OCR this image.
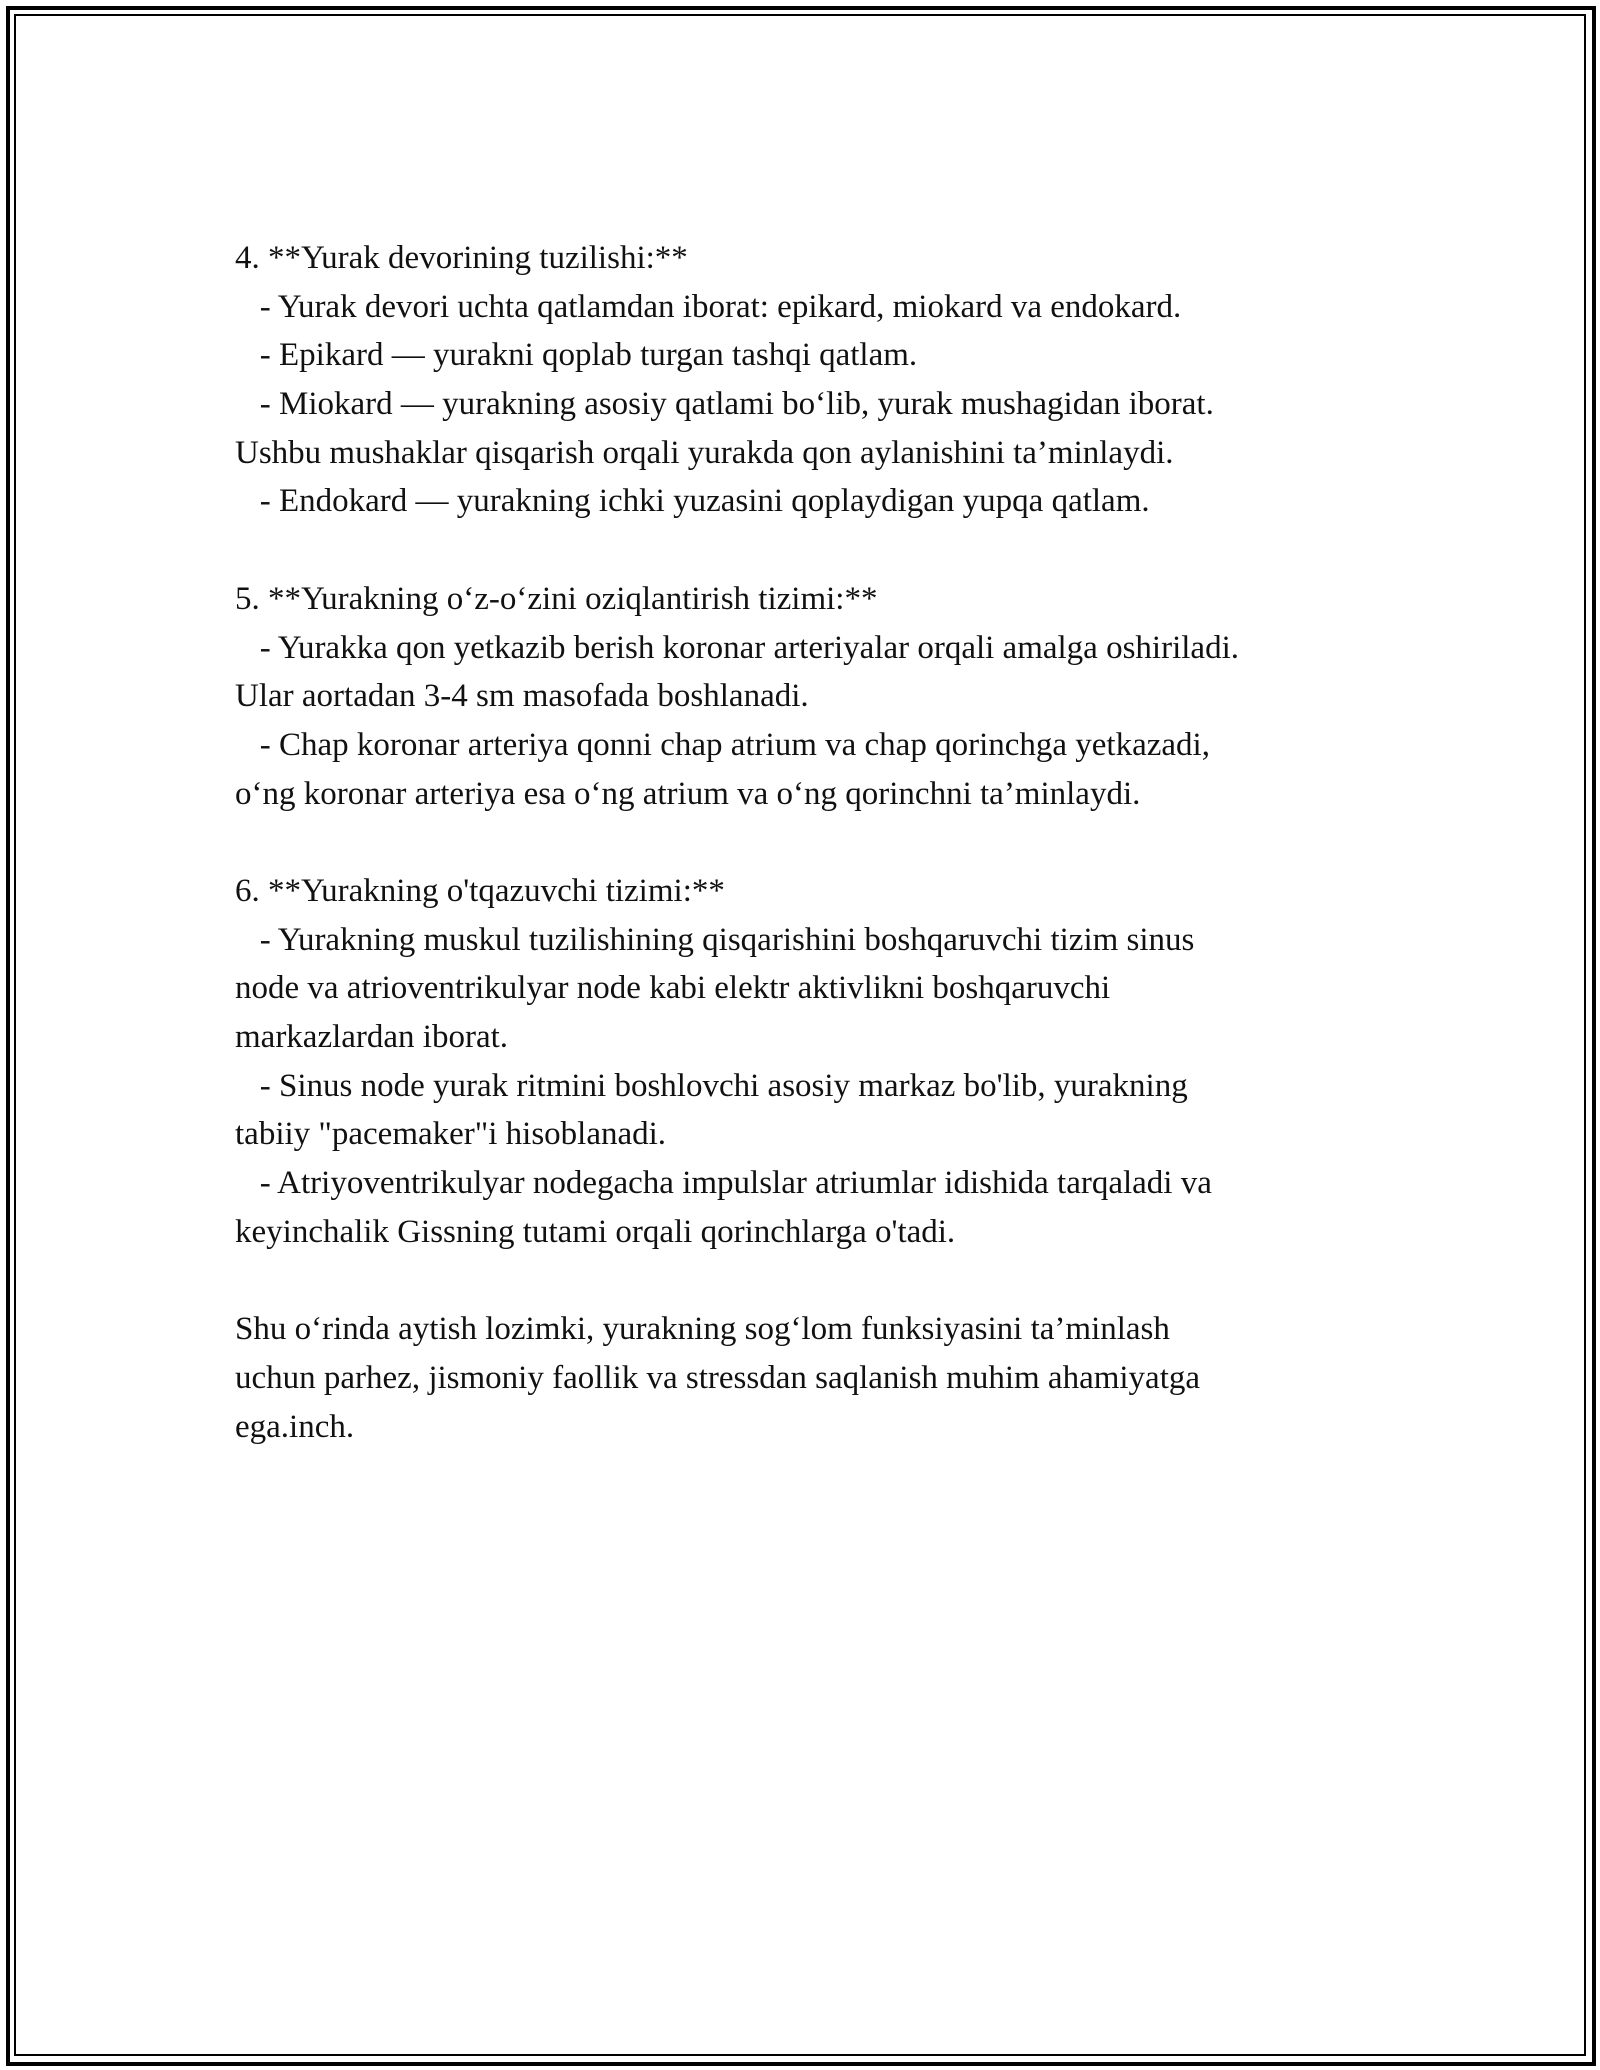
4. **Yurak devorining tuzilishi:**
- Yurak devori uchta qatlamdan iborat: epikard, miokard va endokard.
- Epikard — yurakni qoplab turgan tashqi qatlam.
- Miokard — yurakning asosiy qatlami bo‘lib, yurak mushagidan iborat.
Ushbu mushaklar qisqarish orqali yurakda qon aylanishini ta’minlaydi.
- Endokard — yurakning ichki yuzasini qoplaydigan yupqa qatlam.
5. **Yurakning o‘z-o‘zini oziqlantirish tizimi:**
- Yurakka qon yetkazib berish koronar arteriyalar orqali amalga oshiriladi.
Ular aortadan 3-4 sm masofada boshlanadi.
- Chap koronar arteriya qonni chap atrium va chap qorinchga yetkazadi,
o‘ng koronar arteriya esa o‘ng atrium va o‘ng qorinchni ta’minlaydi.
6. **Yurakning o'tqazuvchi tizimi:**
- Yurakning muskul tuzilishining qisqarishini boshqaruvchi tizim sinus
node va atrioventrikulyar node kabi elektr aktivlikni boshqaruvchi
markazlardan iborat.
- Sinus node yurak ritmini boshlovchi asosiy markaz bo'lib, yurakning
tabiiy "pacemaker"i hisoblanadi.
- Atriyoventrikulyar nodegacha impulslar atriumlar idishida tarqaladi va
keyinchalik Gissning tutami orqali qorinchlarga o'tadi.
Shu o‘rinda aytish lozimki, yurakning sog‘lom funksiyasini ta’minlash
uchun parhez, jismoniy faollik va stressdan saqlanish muhim ahamiyatga
ega.inch.
